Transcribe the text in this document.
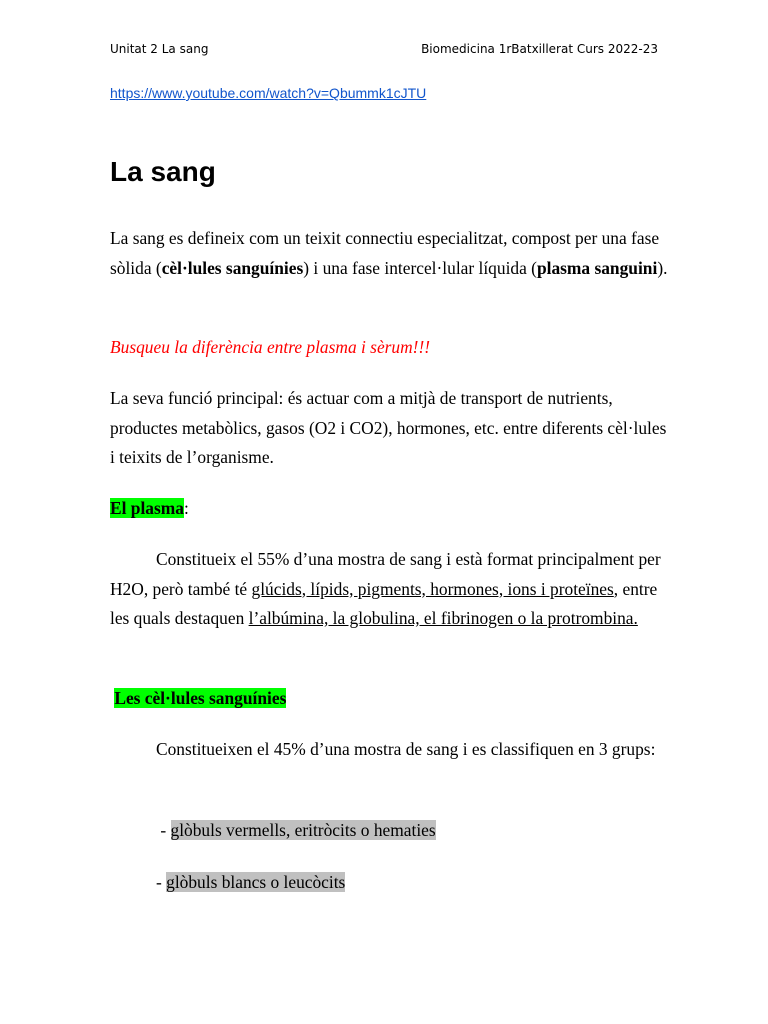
Unitat 2 La sang	Biomedicina 1rBatxillerat Curs 2022-23
https://www.youtube.com/watch?v=Qbummk1cJTU
La sang

La sang es defineix com un teixit connectiu especialitzat, compost per una fase sòlida (cèl·lules sanguínies) i una fase intercel·lular líquida (plasma sanguini).

Busqueu la diferència entre plasma i sèrum!!!

La seva funció principal: és actuar com a mitjà de transport de nutrients, productes metabòlics, gasos (O2 i CO2), hormones, etc. entre diferents cèl·lules i teixits de l’organisme.

El plasma:

Constitueix el 55% d’una mostra de sang i està format principalment per H2O, però també té glúcids, lípids, pigments, hormones, ions i proteïnes, entre les quals destaquen l’albúmina, la globulina, el fibrinogen o la protrombina.

Les cèl·lules sanguínies

Constitueixen el 45% d’una mostra de sang i es classifiquen en 3 grups:

- glòbuls vermells, eritròcits o hematies

- glòbuls blancs o leucòcits
